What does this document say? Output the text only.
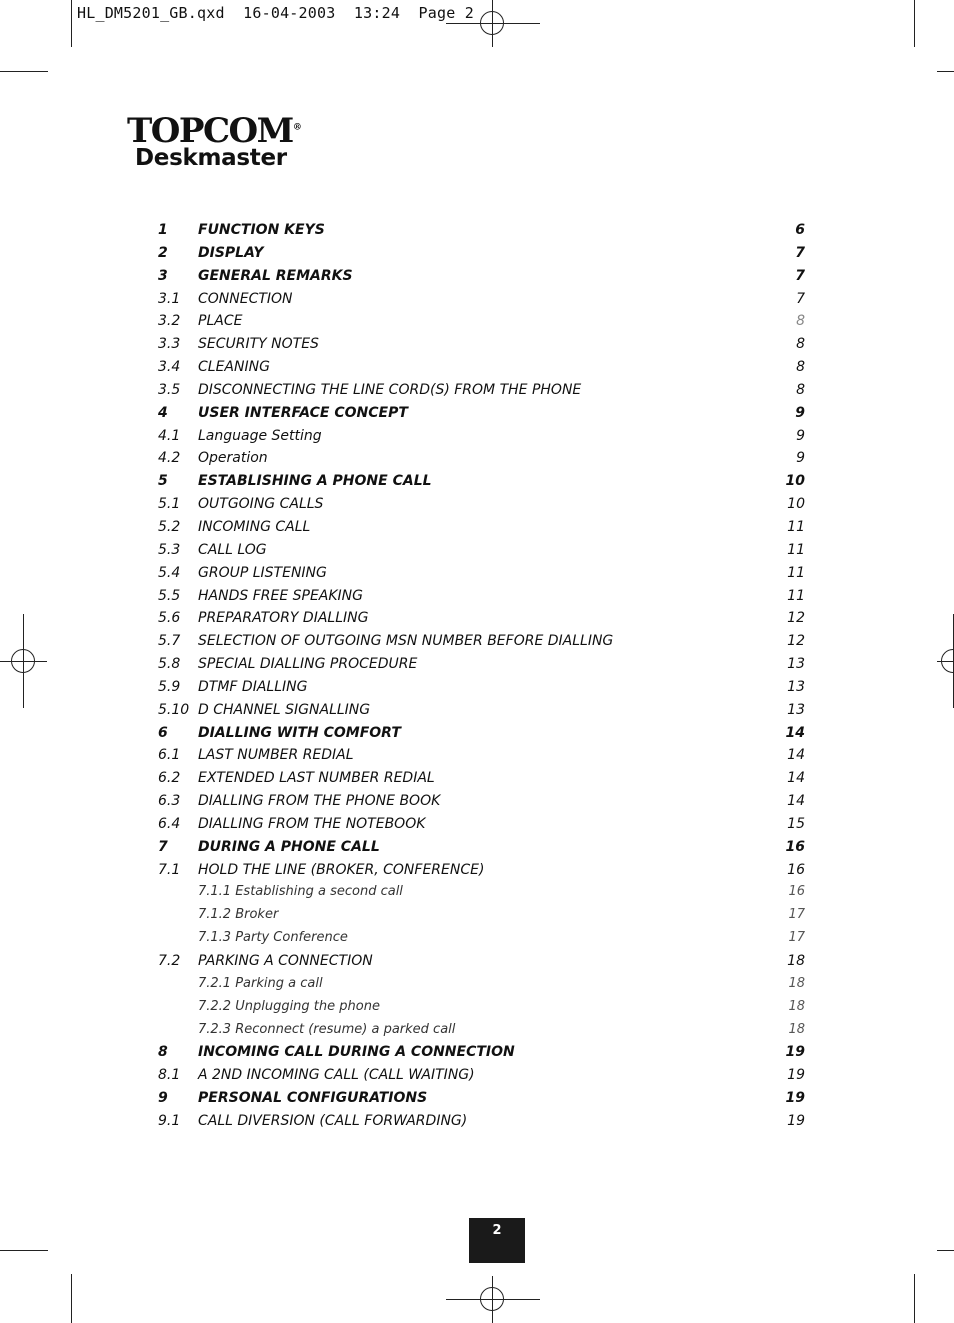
HL_DM5201_GB.qxd  16-04-2003  13:24  Page 2
TOPCOM®
Deskmaster
1 FUNCTION KEYS	6
2 DISPLAY	7
3 GENERAL REMARKS	7
3.1 CONNECTION	7
3.2 PLACE	8
3.3 SECURITY NOTES	8
3.4 CLEANING	8
3.5 DISCONNECTING THE LINE CORD(S) FROM THE PHONE	8
4 USER INTERFACE CONCEPT	9
4.1 Language Setting	9
4.2 Operation	9
5 ESTABLISHING A PHONE CALL	10
5.1 OUTGOING CALLS	10
5.2 INCOMING CALL	11
5.3 CALL LOG	11
5.4 GROUP LISTENING	11
5.5 HANDS FREE SPEAKING	11
5.6 PREPARATORY DIALLING	12
5.7 SELECTION OF OUTGOING MSN NUMBER BEFORE DIALLING	12
5.8 SPECIAL DIALLING PROCEDURE	13
5.9 DTMF DIALLING	13
5.10 D CHANNEL SIGNALLING	13
6 DIALLING WITH COMFORT	14
6.1 LAST NUMBER REDIAL	14
6.2 EXTENDED LAST NUMBER REDIAL	14
6.3 DIALLING FROM THE PHONE BOOK	14
6.4 DIALLING FROM THE NOTEBOOK	15
7 DURING A PHONE CALL	16
7.1 HOLD THE LINE (BROKER, CONFERENCE)	16
7.1.1 Establishing a second call	16
7.1.2 Broker	17
7.1.3 Party Conference	17
7.2 PARKING A CONNECTION	18
7.2.1 Parking a call	18
7.2.2 Unplugging the phone	18
7.2.3 Reconnect (resume) a parked call	18
8 INCOMING CALL DURING A CONNECTION	19
8.1 A 2ND INCOMING CALL (CALL WAITING)	19
9 PERSONAL CONFIGURATIONS	19
9.1 CALL DIVERSION (CALL FORWARDING)	19
2
